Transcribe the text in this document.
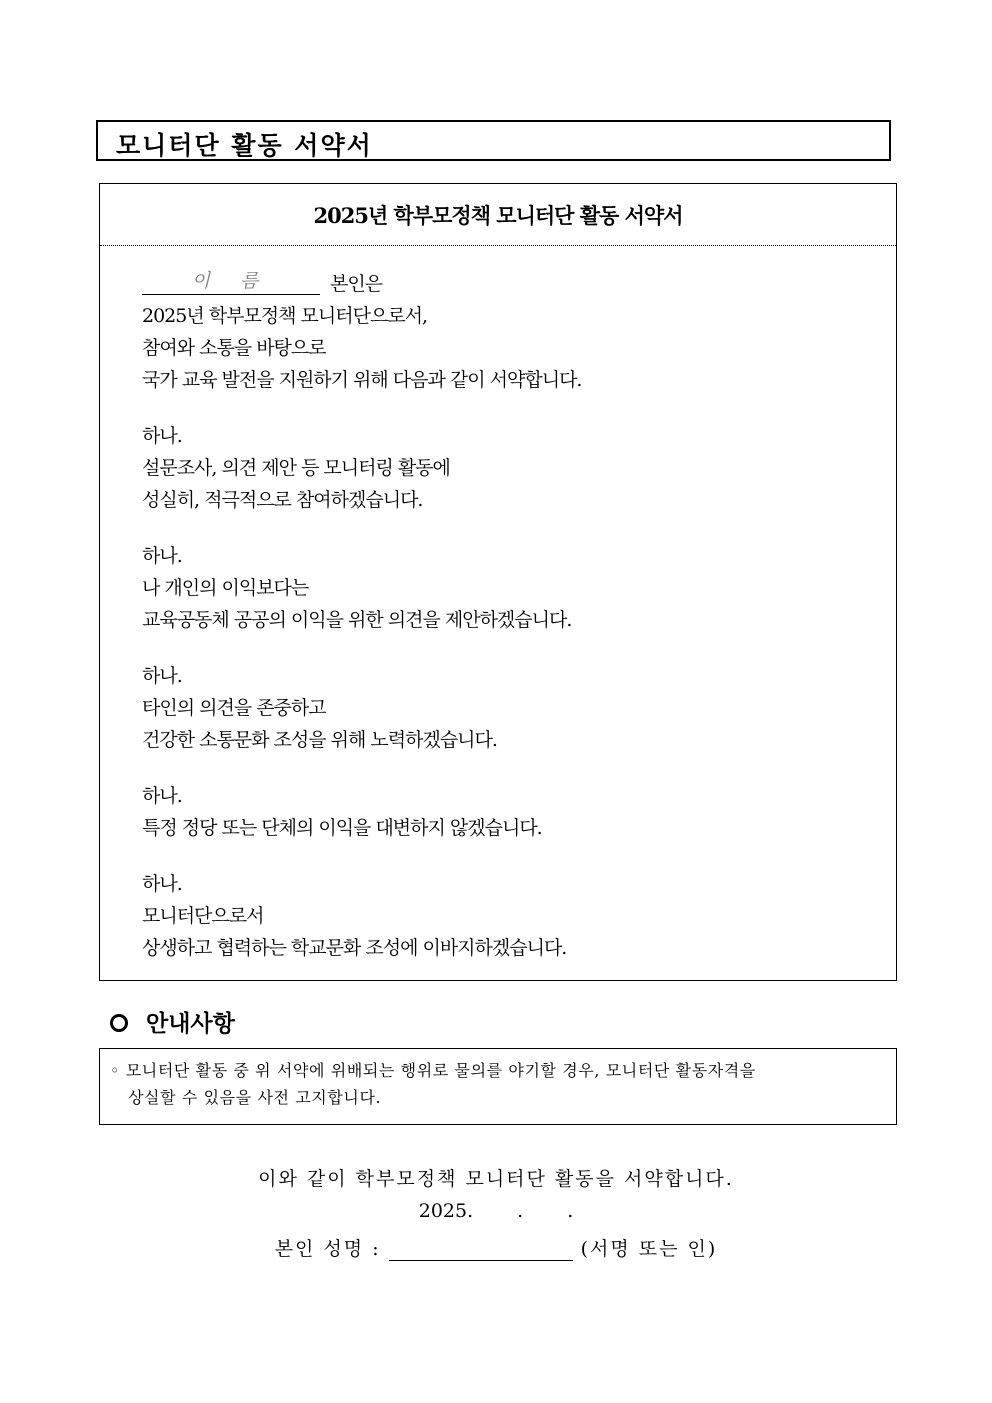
모니터단 활동 서약서
2025년 학부모정책 모니터단 활동 서약서
이 름	본인은
2025년 학부모정책 모니터단으로서,
참여와 소통을 바탕으로
국가 교육 발전을 지원하기 위해 다음과 같이 서약합니다.
하나.
설문조사, 의견 제안 등 모니터링 활동에
성실히, 적극적으로 참여하겠습니다.
하나.
나 개인의 이익보다는
교육공동체 공공의 이익을 위한 의견을 제안하겠습니다.
하나.
타인의 의견을 존중하고
건강한 소통문화 조성을 위해 노력하겠습니다.
하나.
특정 정당 또는 단체의 이익을 대변하지 않겠습니다.
하나.
모니터단으로서
상생하고 협력하는 학교문화 조성에 이바지하겠습니다.
안내사항
◦ 모니터단 활동 중 위 서약에 위배되는 행위로 물의를 야기할 경우, 모니터단 활동자격을
상실할 수 있음을 사전 고지합니다.
이와 같이 학부모정책 모니터단 활동을 서약합니다.
2025. . .
본인 성명 :	(서명 또는 인)
